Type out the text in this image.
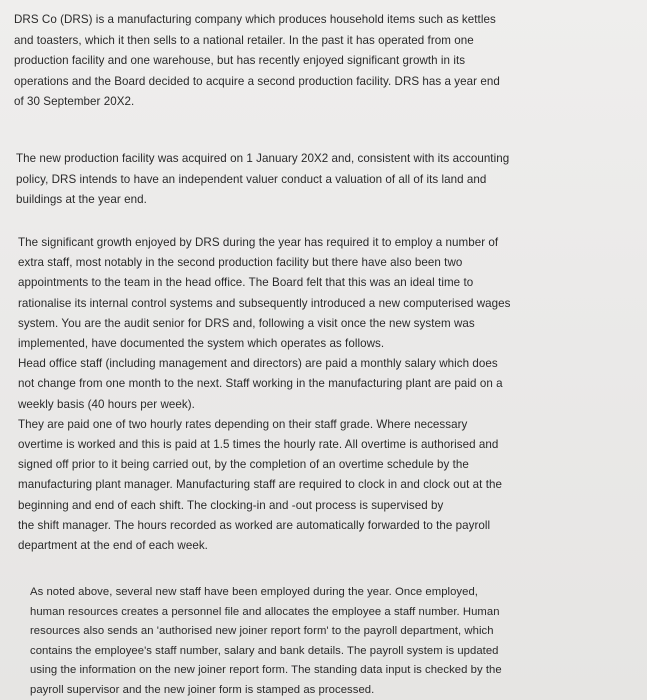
DRS Co (DRS) is a manufacturing company which produces household items such as kettles
and toasters, which it then sells to a national retailer. In the past it has operated from one
production facility and one warehouse, but has recently enjoyed significant growth in its
operations and the Board decided to acquire a second production facility. DRS has a year end
of 30 September 20X2.
The new production facility was acquired on 1 January 20X2 and, consistent with its accounting
policy, DRS intends to have an independent valuer conduct a valuation of all of its land and
buildings at the year end.
The significant growth enjoyed by DRS during the year has required it to employ a number of
extra staff, most notably in the second production facility but there have also been two
appointments to the team in the head office. The Board felt that this was an ideal time to
rationalise its internal control systems and subsequently introduced a new computerised wages
system. You are the audit senior for DRS and, following a visit once the new system was
implemented, have documented the system which operates as follows.
Head office staff (including management and directors) are paid a monthly salary which does
not change from one month to the next. Staff working in the manufacturing plant are paid on a
weekly basis (40 hours per week).
They are paid one of two hourly rates depending on their staff grade. Where necessary
overtime is worked and this is paid at 1.5 times the hourly rate. All overtime is authorised and
signed off prior to it being carried out, by the completion of an overtime schedule by the
manufacturing plant manager. Manufacturing staff are required to clock in and clock out at the
beginning and end of each shift. The clocking-in and -out process is supervised by
the shift manager. The hours recorded as worked are automatically forwarded to the payroll
department at the end of each week.
As noted above, several new staff have been employed during the year. Once employed,
human resources creates a personnel file and allocates the employee a staff number. Human
resources also sends an 'authorised new joiner report form' to the payroll department, which
contains the employee's staff number, salary and bank details. The payroll system is updated
using the information on the new joiner report form. The standing data input is checked by the
payroll supervisor and the new joiner form is stamped as processed.
